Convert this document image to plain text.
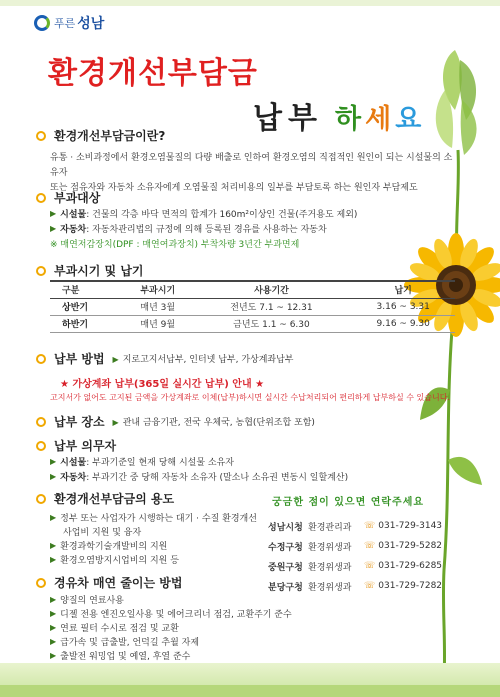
푸른 성남
환경개선부담금
납부 하세요
환경개선부담금이란?
유통 · 소비과정에서 환경오염물질의 다량 배출로 인하여 환경오염의 직접적인 원인이 되는 시설물의 소유자
또는 점유자와 자동차 소유자에게 오염물질 처리비용의 일부를 부담토록 하는 원인자 부담제도
부과대상
▶ 시설물 : 건물의 각층 바닥 면적의 합계가 160m²이상인 건물(주거용도 제외)
▶ 자동차 : 자동차관리법의 규정에 의해 등록된 경유를 사용하는 자동차
※ 매연저감장치(DPF : 매연여과장치) 부착차량 3년간 부과면제
부과시기 및 납기
구분	부과시기	사용기간	납기
상반기	매년 3월	전년도 7.1 ~ 12.31	3.16 ~ 3.31
하반기	매년 9월	금년도 1.1 ~ 6.30	9.16 ~ 9.30
납부 방법 ▶ 지로고지서납부, 인터넷 납부, 가상계좌납부
★ 가상계좌 납부(365일 실시간 납부) 안내 ★
고지서가 없어도 고지된 금액을 가상계좌로 이체(납부)하시면 실시간 수납처리되어 편리하게 납부하실 수 있습니다.
납부 장소 ▶ 관내 금융기관, 전국 우체국, 농협(단위조합 포함)
납부 의무자
▶ 시설물 : 부과기준일 현재 당해 시설물 소유자
▶ 자동차 : 부과기간 중 당해 자동차 소유자 (말소나 소유권 변동시 일할계산)
환경개선부담금의 용도
▶ 정부 또는 사업자가 시행하는 대기 · 수질 환경개선
사업비 지원 및 융자
▶ 환경과학기술개발비의 지원
▶ 환경오염방지시업비의 지원 등
궁금한 점이 있으면 연락주세요
성남시청 환경관리과	☏ 031-729-3143
수정구청 환경위생과	☏ 031-729-5282
중원구청 환경위생과	☏ 031-729-6285
분당구청 환경위생과	☏ 031-729-7282
경유차 매연 줄이는 방법
▶ 양질의 연료사용
▶ 디젤 전용 엔진오일사용 및 에어크리너 점검, 교환주기 준수
▶ 연료 필터 수시로 점검 및 교환
▶ 급가속 및 급출발, 언덕길 추월 자제
▶ 출발전 워밍업 및 예열, 후열 준수
